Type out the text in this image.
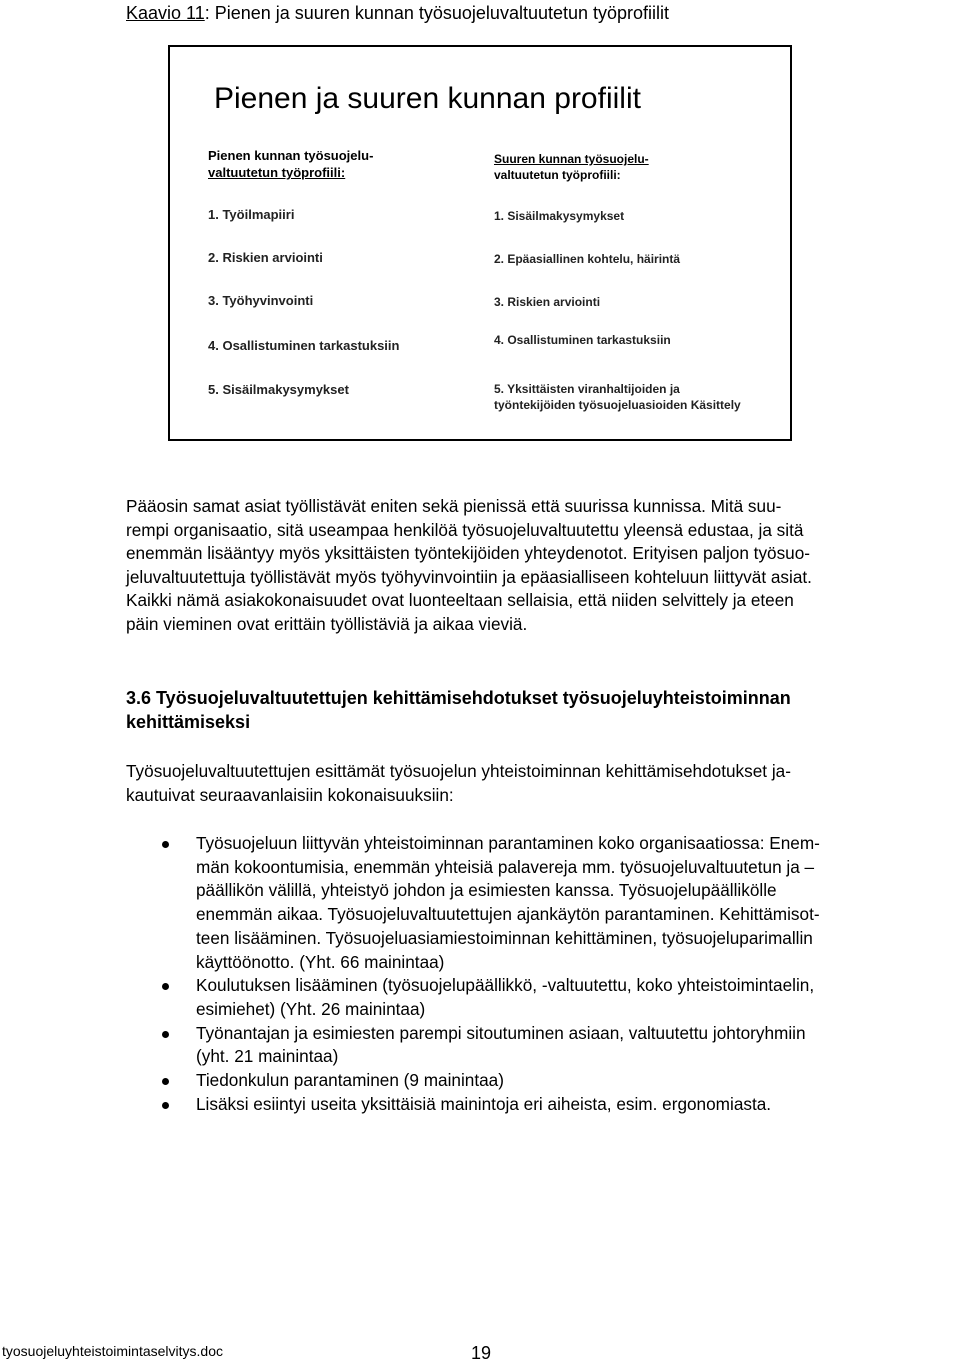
Kaavio 11: Pienen ja suuren kunnan työsuojeluvaltuutetun työprofiilit
Pienen ja suuren kunnan profiilit
Pienen kunnan työsuojelu-
valtuutetun työprofiili:
Suuren kunnan työsuojelu-
valtuutetun työprofiili:
1. Työilmapiiri
2. Riskien arviointi
3. Työhyvinvointi
4. Osallistuminen tarkastuksiin
5. Sisäilmakysymykset
1. Sisäilmakysymykset
2. Epäasiallinen kohtelu, häirintä
3. Riskien arviointi
4. Osallistuminen tarkastuksiin
5. Yksittäisten viranhaltijoiden ja työntekijöiden työsuojeluasioiden Käsittely
Pääosin samat asiat työllistävät eniten sekä pienissä että suurissa kunnissa. Mitä suu-
rempi organisaatio, sitä useampaa henkilöä työsuojeluvaltuutettu yleensä edustaa, ja sitä
enemmän lisääntyy myös yksittäisten työntekijöiden yhteydenotot. Erityisen paljon työsuo-
jeluvaltuutettuja työllistävät myös työhyvinvointiin ja epäasialliseen kohteluun liittyvät asiat.
Kaikki nämä asiakokonaisuudet ovat luonteeltaan sellaisia, että niiden selvittely ja eteen
päin vieminen ovat erittäin työllistäviä ja aikaa vieviä.
3.6 Työsuojeluvaltuutettujen kehittämisehdotukset työsuojeluyhteistoiminnan
kehittämiseksi
Työsuojeluvaltuutettujen esittämät työsuojelun yhteistoiminnan kehittämisehdotukset ja-
kautuivat seuraavanlaisiin kokonaisuuksiin:
Työsuojeluun liittyvän yhteistoiminnan parantaminen koko organisaatiossa: Enem-
män kokoontumisia, enemmän yhteisiä palavereja mm. työsuojeluvaltuutetun ja –
päällikön välillä, yhteistyö johdon ja esimiesten kanssa. Työsuojelupäällikölle
enemmän aikaa. Työsuojeluvaltuutettujen ajankäytön parantaminen. Kehittämisot-
teen lisääminen. Työsuojeluasiamiestoiminnan kehittäminen, työsuojeluparimallin
käyttöönotto. (Yht. 66 mainintaa)
Koulutuksen lisääminen (työsuojelupäällikkö, -valtuutettu, koko yhteistoimintaelin,
esimiehet) (Yht. 26 mainintaa)
Työnantajan ja esimiesten parempi sitoutuminen asiaan, valtuutettu johtoryhmiin
(yht. 21 mainintaa)
Tiedonkulun parantaminen (9 mainintaa)
Lisäksi esiintyi useita yksittäisiä mainintoja eri aiheista, esim. ergonomiasta.
tyosuojeluyhteistoimintaselvitys.doc	19
